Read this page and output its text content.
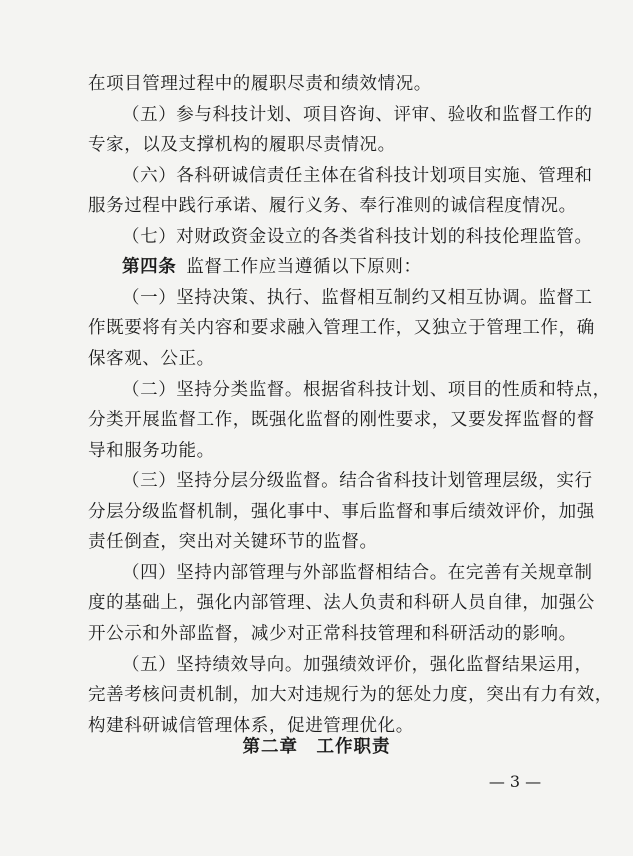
在项目管理过程中的履职尽责和绩效情况。
（五）参与科技计划、项目咨询、评审、验收和监督工作的
专家，以及支撑机构的履职尽责情况。
（六）各科研诚信责任主体在省科技计划项目实施、管理和
服务过程中践行承诺、履行义务、奉行准则的诚信程度情况。
（七）对财政资金设立的各类省科技计划的科技伦理监管。
第四条 监督工作应当遵循以下原则：
（一）坚持决策、执行、监督相互制约又相互协调。监督工
作既要将有关内容和要求融入管理工作，又独立于管理工作，确
保客观、公正。
（二）坚持分类监督。根据省科技计划、项目的性质和特点，
分类开展监督工作，既强化监督的刚性要求，又要发挥监督的督
导和服务功能。
（三）坚持分层分级监督。结合省科技计划管理层级，实行
分层分级监督机制，强化事中、事后监督和事后绩效评价，加强
责任倒查，突出对关键环节的监督。
（四）坚持内部管理与外部监督相结合。在完善有关规章制
度的基础上，强化内部管理、法人负责和科研人员自律，加强公
开公示和外部监督，减少对正常科技管理和科研活动的影响。
（五）坚持绩效导向。加强绩效评价，强化监督结果运用，
完善考核问责机制，加大对违规行为的惩处力度，突出有力有效，
构建科研诚信管理体系，促进管理优化。
第二章　工作职责
— 3 —
